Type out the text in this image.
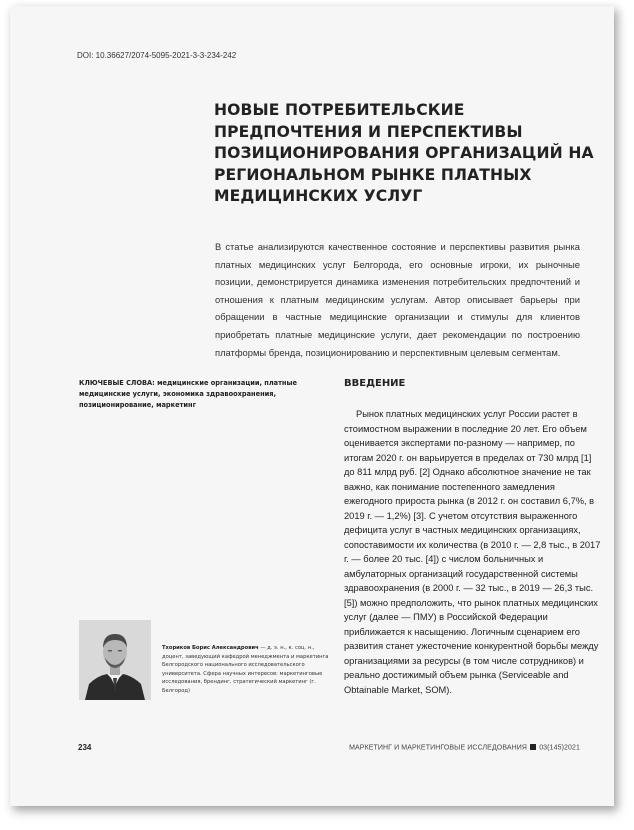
DOI: 10.36627/2074-5095-2021-3-3-234-242
НОВЫЕ ПОТРЕБИТЕЛЬСКИЕ ПРЕДПОЧТЕНИЯ И ПЕРСПЕКТИВЫ ПОЗИЦИОНИРОВАНИЯ ОРГАНИЗАЦИЙ НА РЕГИОНАЛЬНОМ РЫНКЕ ПЛАТНЫХ МЕДИЦИНСКИХ УСЛУГ

В статье анализируются качественное состояние и перспективы развития рынка платных медицинских услуг Белгорода, его основные игроки, их рыночные позиции, демонстрируется динамика изменения потребительских предпочтений и отношения к платным медицинским услугам. Автор описывает барьеры при обращении в частные медицинские организации и стимулы для клиентов приобретать платные медицинские услуги, дает рекомендации по построению платформы бренда, позиционированию и перспективным целевым сегментам.

КЛЮЧЕВЫЕ СЛОВА: медицинские организации, платные медицинские услуги, экономика здравоохранения, позиционирование, маркетинг
ВВЕДЕНИЕ

Рынок платных медицинских услуг России растет в стоимостном выражении в последние 20 лет. Его объем оценивается экспертами по-разному — например, по итогам 2020 г. он варьируется в пределах от 730 млрд [1] до 811 млрд руб. [2] Однако абсолютное значение не так важно, как понимание постепенного замедления ежегодного прироста рынка (в 2012 г. он составил 6,7%, в 2019 г. — 1,2%) [3]. С учетом отсутствия выраженного дефицита услуг в частных медицинских организациях, сопоставимости их количества (в 2010 г. — 2,8 тыс., в 2017 г. — более 20 тыс. [4]) с числом больничных и амбулаторных организаций государственной системы здравоохранения (в 2000 г. — 32 тыс., в 2019 — 26,3 тыс. [5]) можно предположить, что рынок платных медицинских услуг (далее — ПМУ) в Российской Федерации приближается к насыщению. Логичным сценарием его развития станет ужесточение конкурентной борьбы между организациями за ресурсы (в том числе сотрудников) и реально достижимый объем рынка (Serviceable and Obtainable Market, SOM).

Тхориков Борис Александрович — д. э. н., к. соц. н., доцент, заведующий кафедрой менеджмента и маркетинга Белгородского национального исследовательского университета. Сфера научных интересов: маркетинговые исследования, брендинг, стратегический маркетинг (г. Белгород)
234	МАРКЕТИНГ И МАРКЕТИНГОВЫЕ ИССЛЕДОВАНИЯ 03(145)2021
